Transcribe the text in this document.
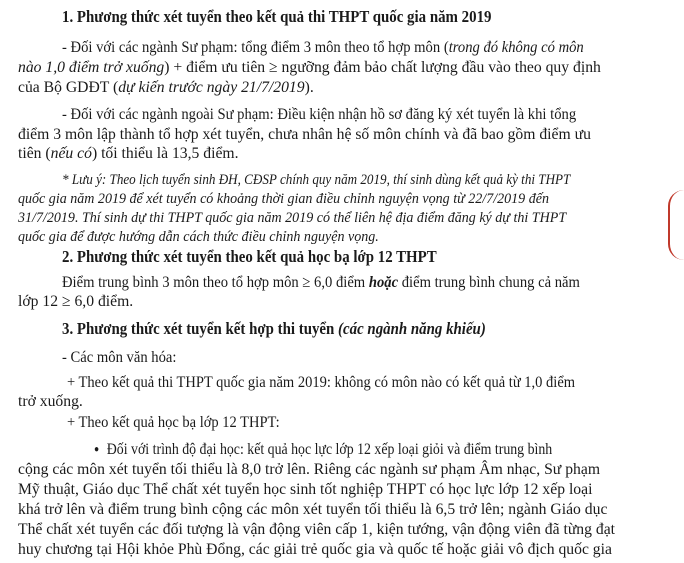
1. Phương thức xét tuyển theo kết quả thi THPT quốc gia năm 2019
- Đối với các ngành Sư phạm: tổng điểm 3 môn theo tổ hợp môn (trong đó không có môn
nào 1,0 điểm trở xuống) + điểm ưu tiên ≥ ngưỡng đảm bảo chất lượng đầu vào theo quy định
của Bộ GDĐT (dự kiến trước ngày 21/7/2019).
- Đối với các ngành ngoài Sư phạm: Điều kiện nhận hồ sơ đăng ký xét tuyển là khi tổng
điểm 3 môn lập thành tổ hợp xét tuyển, chưa nhân hệ số môn chính và đã bao gồm điểm ưu
tiên (nếu có) tối thiểu là 13,5 điểm.
* Lưu ý: Theo lịch tuyển sinh ĐH, CĐSP chính quy năm 2019, thí sinh dùng kết quả kỳ thi THPT
quốc gia năm 2019 để xét tuyển có khoảng thời gian điều chỉnh nguyện vọng từ 22/7/2019 đến
31/7/2019. Thí sinh dự thi THPT quốc gia năm 2019 có thể liên hệ địa điểm đăng ký dự thi THPT
quốc gia để được hướng dẫn cách thức điều chỉnh nguyện vọng.
2. Phương thức xét tuyển theo kết quả học bạ lớp 12 THPT
Điểm trung bình 3 môn theo tổ hợp môn ≥ 6,0 điểm hoặc điểm trung bình chung cả năm
lớp 12 ≥ 6,0 điểm.
3. Phương thức xét tuyển kết hợp thi tuyển (các ngành năng khiếu)
- Các môn văn hóa:
+ Theo kết quả thi THPT quốc gia năm 2019: không có môn nào có kết quả từ 1,0 điểm
trở xuống.
+ Theo kết quả học bạ lớp 12 THPT:
● Đối với trình độ đại học: kết quả học lực lớp 12 xếp loại giỏi và điểm trung bình
cộng các môn xét tuyển tối thiểu là 8,0 trở lên. Riêng các ngành sư phạm Âm nhạc, Sư phạm
Mỹ thuật, Giáo dục Thể chất xét tuyển học sinh tốt nghiệp THPT có học lực lớp 12 xếp loại
khá trở lên và điểm trung bình cộng các môn xét tuyển tối thiểu là 6,5 trở lên; ngành Giáo dục
Thể chất xét tuyển các đối tượng là vận động viên cấp 1, kiện tướng, vận động viên đã từng đạt
huy chương tại Hội khỏe Phù Đổng, các giải trẻ quốc gia và quốc tế hoặc giải vô địch quốc gia
